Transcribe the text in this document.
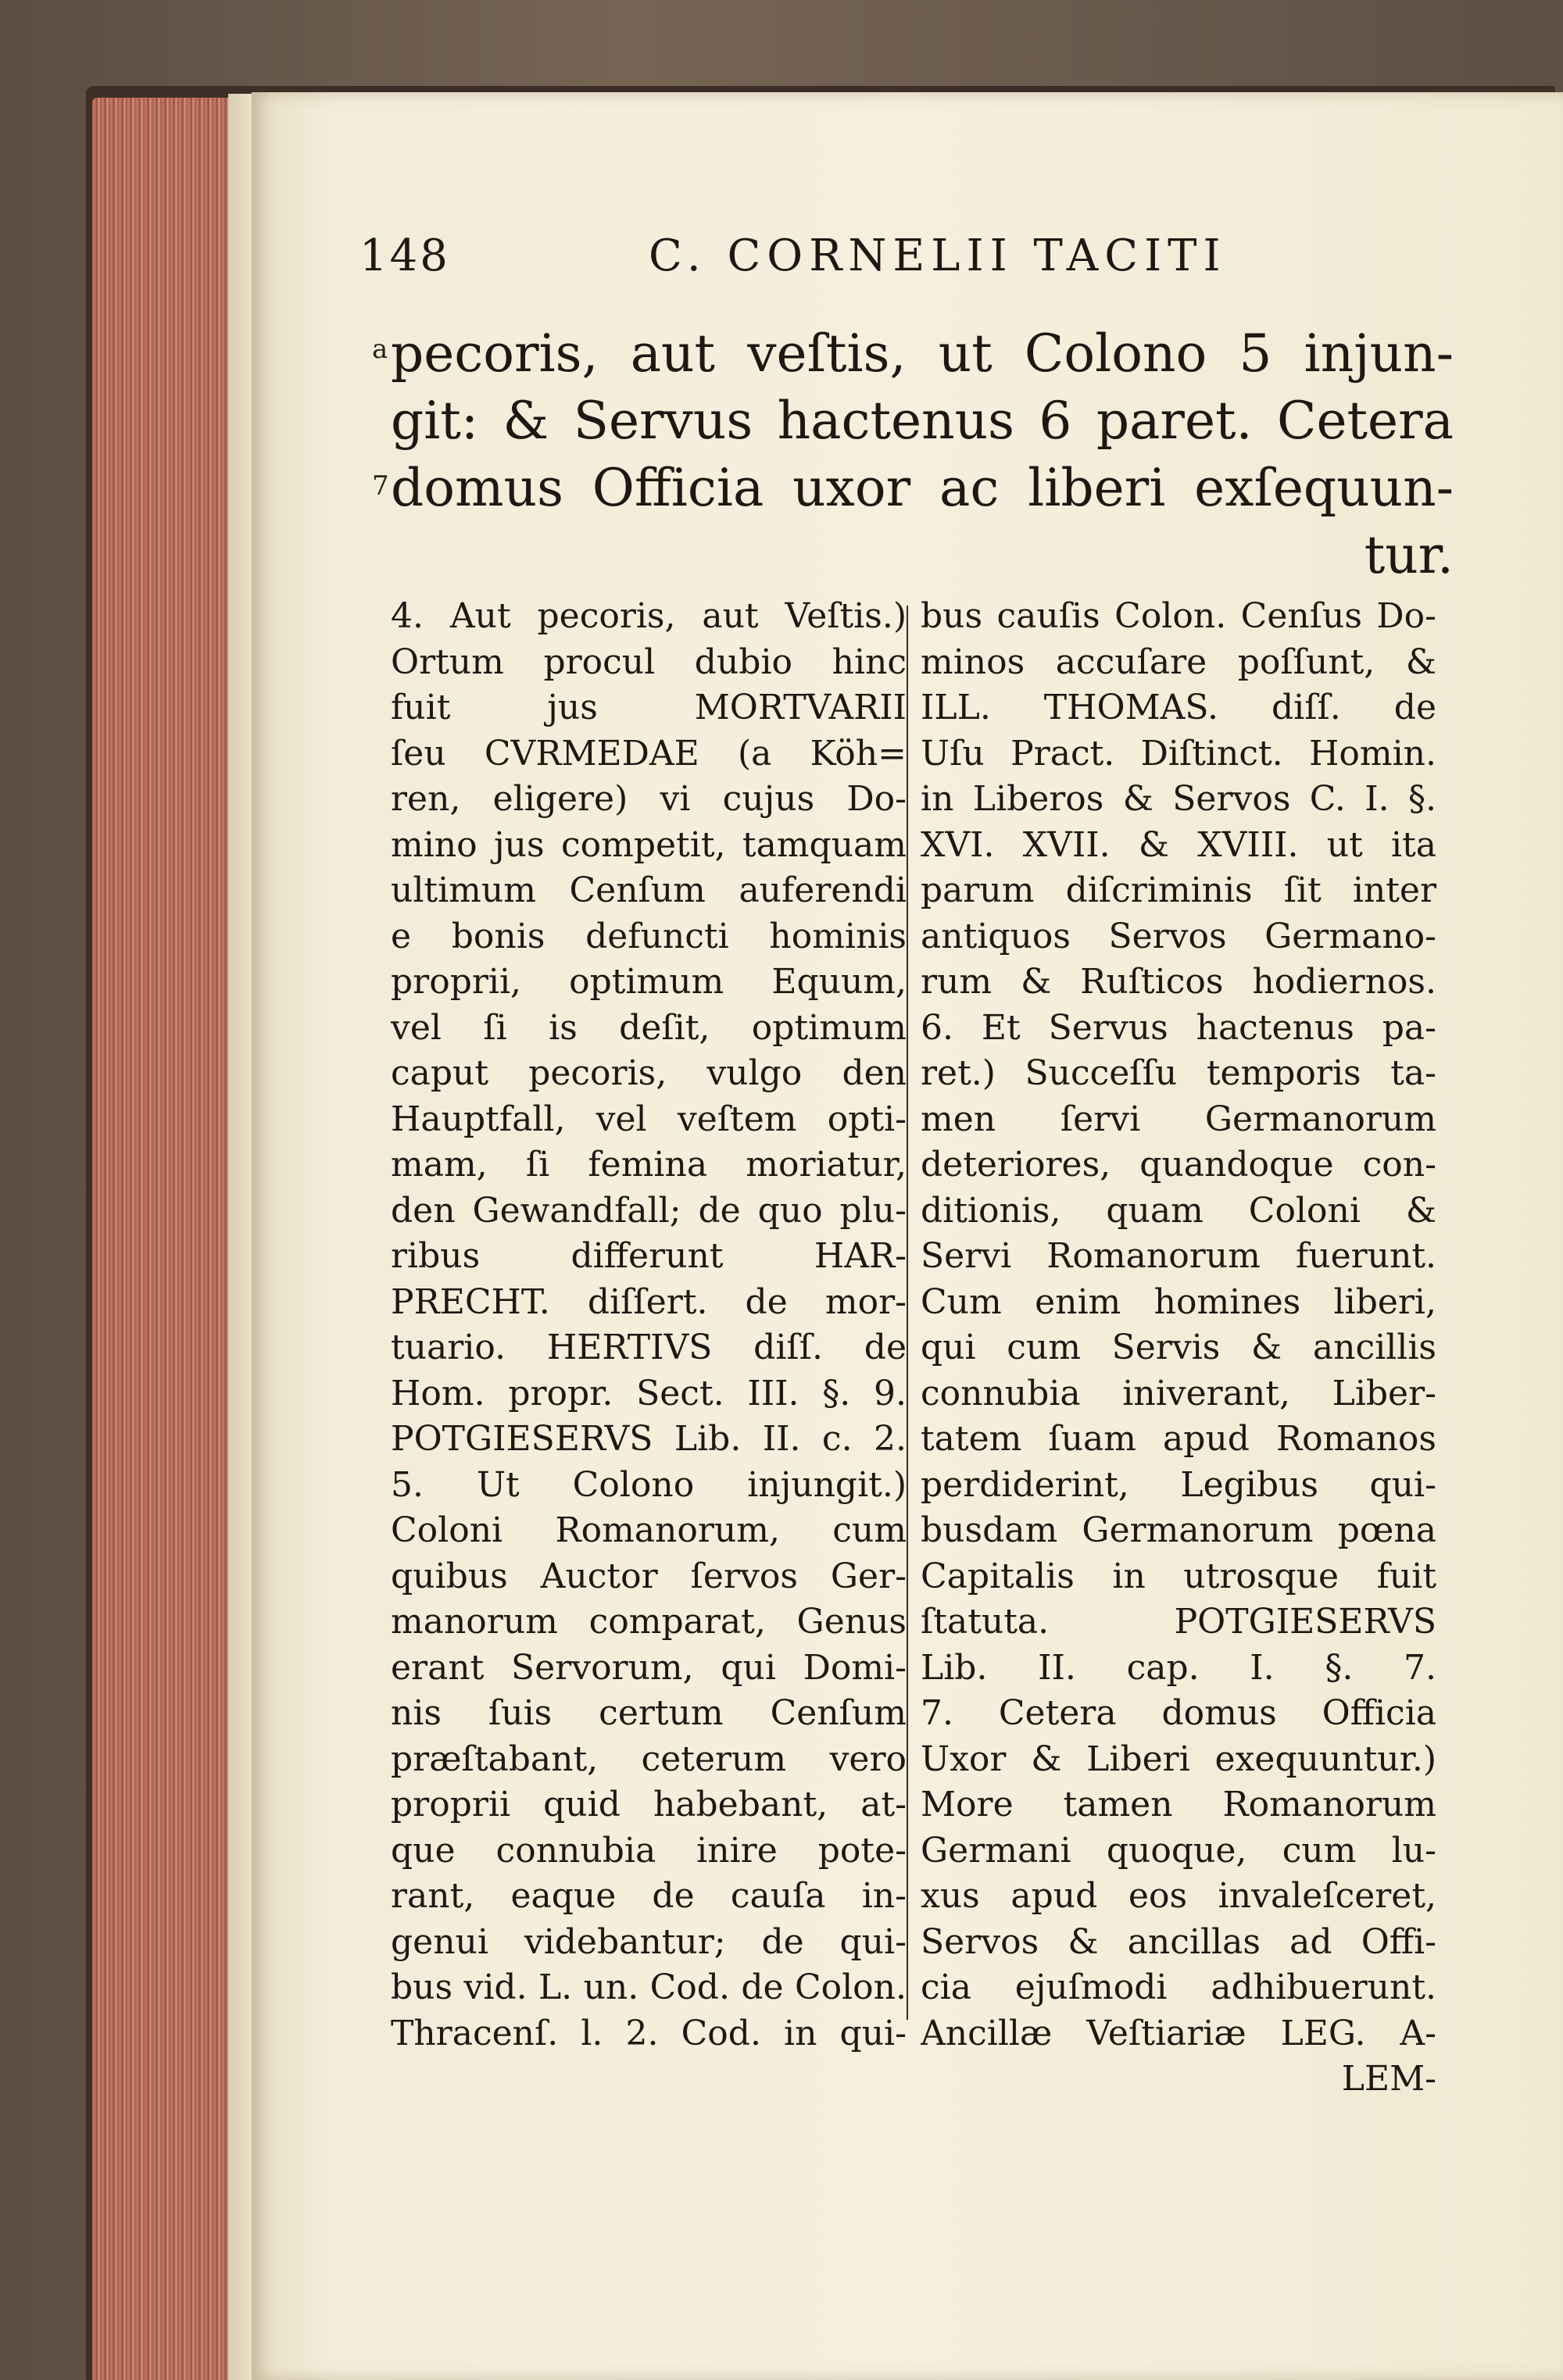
148	C. CORNELII TACITI
a
7
pecoris, aut veſtis, ut Colono 5 injun-
git: & Servus hactenus 6 paret. Cetera
domus Officia uxor ac liberi exſequun-
tur.
4. Aut pecoris, aut Veſtis.)
Ortum procul dubio hinc
fuit jus MORTVARII
ſeu CVRMEDAE (a Köh=
ren, eligere) vi cujus Do-
mino jus competit, tamquam
ultimum Cenſum auferendi
e bonis defuncti hominis
proprii, optimum Equum,
vel ſi is deſit, optimum
caput pecoris, vulgo den
Hauptfall, vel veſtem opti-
mam, ſi femina moriatur,
den Gewandfall; de quo plu-
ribus differunt HAR-
PRECHT. diſſert. de mor-
tuario. HERTIVS diſſ. de
Hom. propr. Sect. III. §. 9.
POTGIESERVS Lib. II. c. 2.
5. Ut Colono injungit.)
Coloni Romanorum, cum
quibus Auctor ſervos Ger-
manorum comparat, Genus
erant Servorum, qui Domi-
nis ſuis certum Cenſum
præſtabant, ceterum vero
proprii quid habebant, at-
que connubia inire pote-
rant, eaque de cauſa in-
genui videbantur; de qui-
bus vid. L. un. Cod. de Colon.
Thracenſ. l. 2. Cod. in qui-
bus cauſis Colon. Cenſus Do-
minos accuſare poſſunt, &
ILL. THOMAS. diſſ. de
Uſu Pract. Diſtinct. Homin.
in Liberos & Servos C. I. §.
XVI. XVII. & XVIII. ut ita
parum diſcriminis ſit inter
antiquos Servos Germano-
rum & Ruſticos hodiernos.
6. Et Servus hactenus pa-
ret.) Succeſſu temporis ta-
men ſervi Germanorum
deteriores, quandoque con-
ditionis, quam Coloni &
Servi Romanorum fuerunt.
Cum enim homines liberi,
qui cum Servis & ancillis
connubia iniverant, Liber-
tatem ſuam apud Romanos
perdiderint, Legibus qui-
busdam Germanorum pœna
Capitalis in utrosque fuit
ſtatuta. POTGIESERVS
Lib. II. cap. I. §. 7.
7. Cetera domus Officia
Uxor & Liberi exequuntur.)
More tamen Romanorum
Germani quoque, cum lu-
xus apud eos invaleſceret,
Servos & ancillas ad Offi-
cia ejuſmodi adhibuerunt.
Ancillæ Veſtiariæ LEG. A-
LEM-
